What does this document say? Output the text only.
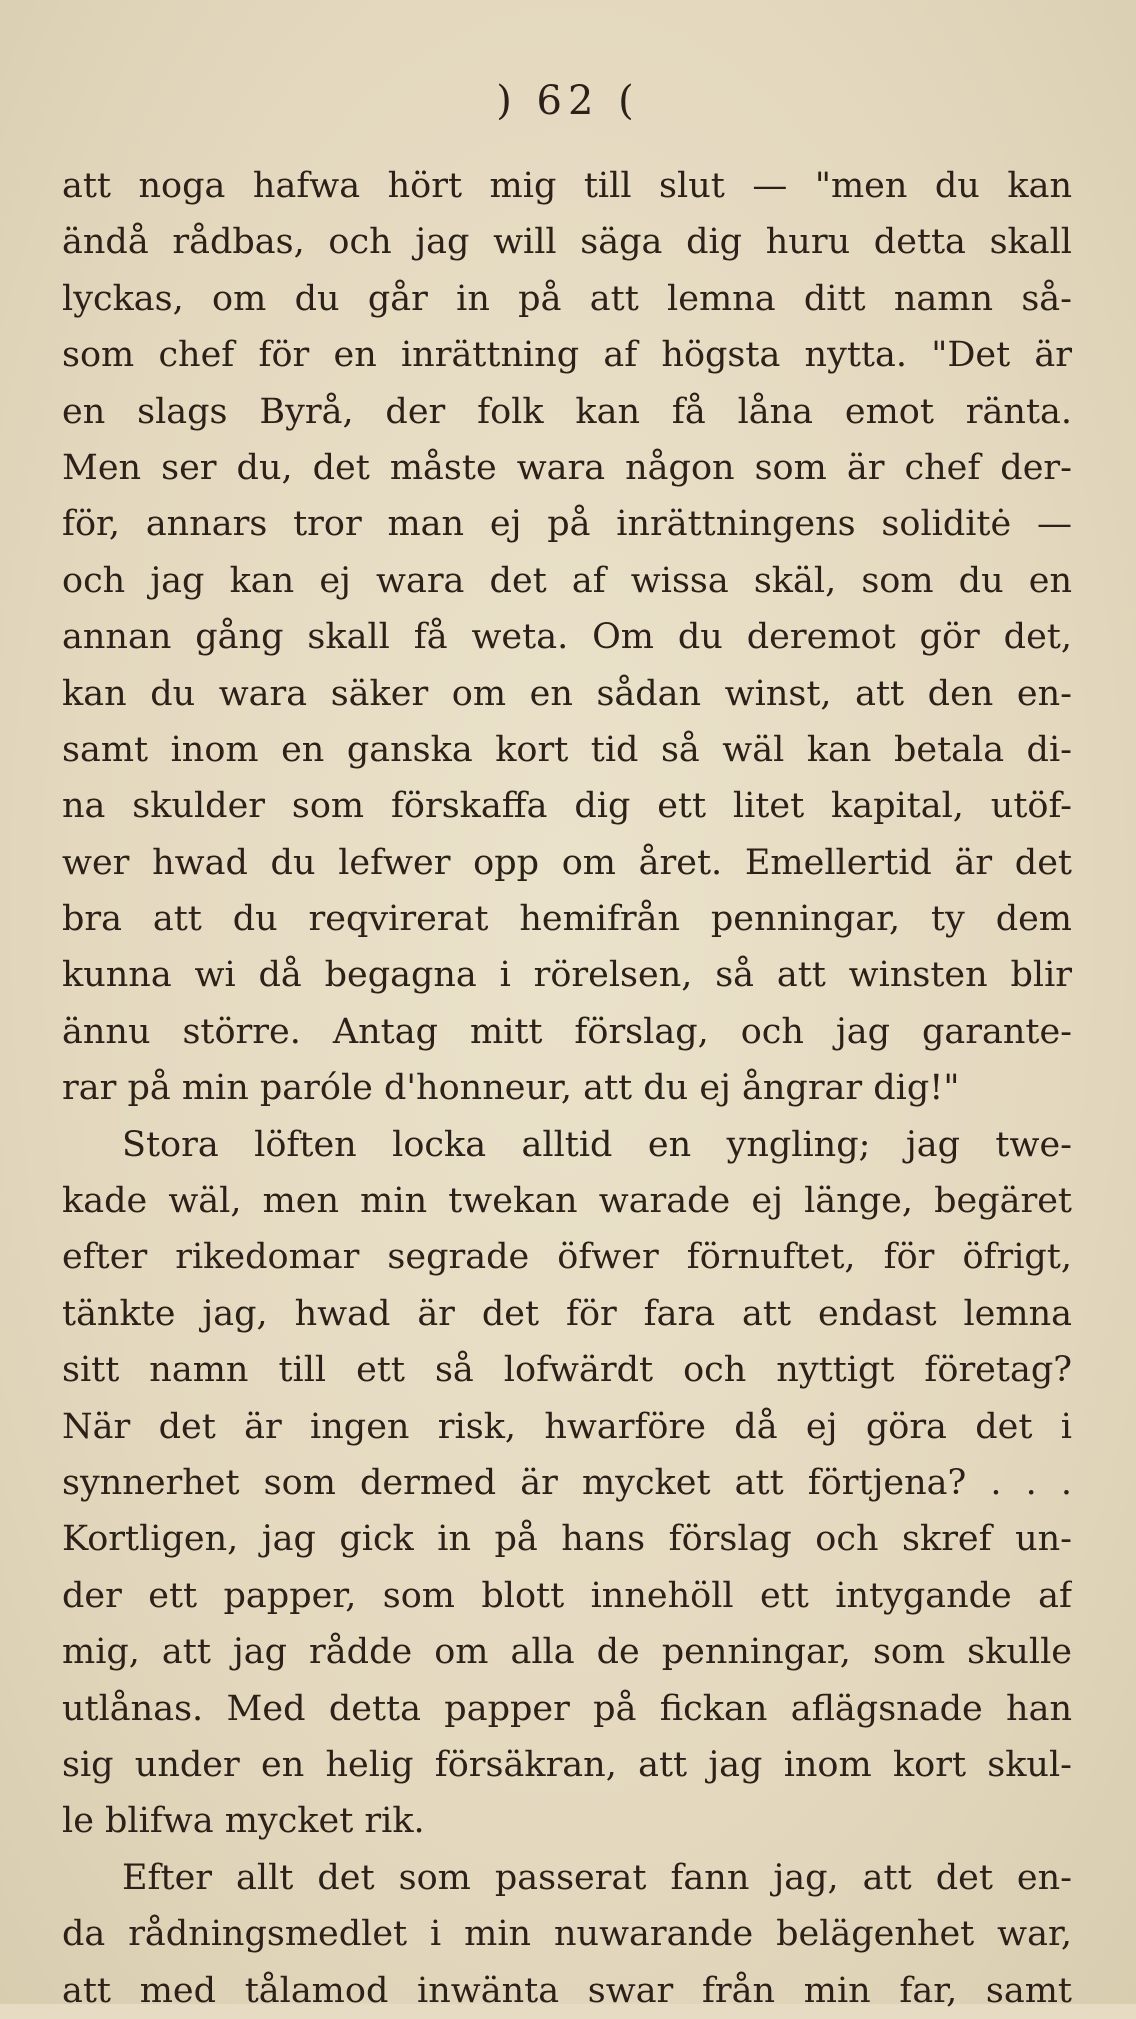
) 62 (
att noga hafwa hört mig till slut — "men du kan
ändå rådbas, och jag will säga dig huru detta skall
lyckas, om du går in på att lemna ditt namn så-
som chef för en inrättning af högsta nytta. "Det är
en slags Byrå, der folk kan få låna emot ränta.
Men ser du, det måste wara någon som är chef der-
för, annars tror man ej på inrättningens soliditė —
och jag kan ej wara det af wissa skäl, som du en
annan gång skall få weta. Om du deremot gör det,
kan du wara säker om en sådan winst, att den en-
samt inom en ganska kort tid så wäl kan betala di-
na skulder som förskaffa dig ett litet kapital, utöf-
wer hwad du lefwer opp om året. Emellertid är det
bra att du reqvirerat hemifrån penningar, ty dem
kunna wi då begagna i rörelsen, så att winsten blir
ännu större. Antag mitt förslag, och jag garante-
rar på min paróle d'honneur, att du ej ångrar dig!"
Stora löften locka alltid en yngling; jag twe-
kade wäl, men min twekan warade ej länge, begäret
efter rikedomar segrade öfwer förnuftet, för öfrigt,
tänkte jag, hwad är det för fara att endast lemna
sitt namn till ett så lofwärdt och nyttigt företag?
När det är ingen risk, hwarföre då ej göra det i
synnerhet som dermed är mycket att förtjena? . . .
Kortligen, jag gick in på hans förslag och skref un-
der ett papper, som blott innehöll ett intygande af
mig, att jag rådde om alla de penningar, som skulle
utlånas. Med detta papper på fickan aflägsnade han
sig under en helig försäkran, att jag inom kort skul-
le blifwa mycket rik.
Efter allt det som passerat fann jag, att det en-
da rådningsmedlet i min nuwarande belägenhet war,
att med tålamod inwänta swar från min far, samt
